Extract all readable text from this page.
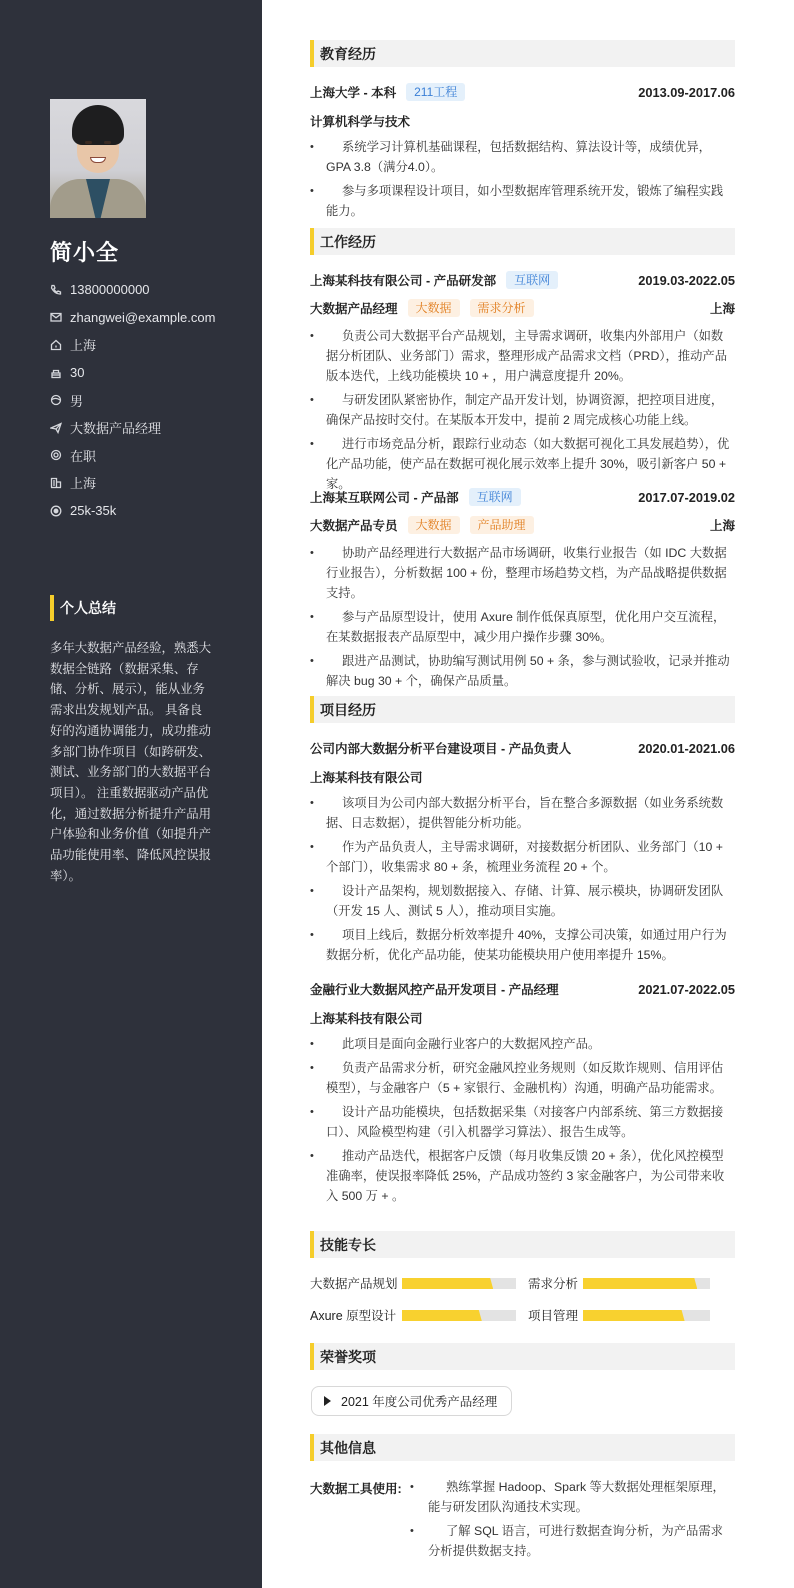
简小全
13800000000
zhangwei@example.com
上海
30
男
大数据产品经理
在职
上海
25k-35k
个人总结

多年大数据产品经验，熟悉大数据全链路（数据采集、存储、分析、展示），能从业务需求出发规划产品。 具备良好的沟通协调能力，成功推动多部门协作项目（如跨研发、测试、业务部门的大数据平台项目）。 注重数据驱动产品优化，通过数据分析提升产品用户体验和业务价值（如提升产品功能使用率、降低风控误报率）。

教育经历
上海大学 - 本科	211工程	2013.09-2017.06
计算机科学与技术
• 系统学习计算机基础课程，包括数据结构、算法设计等，成绩优异，GPA 3.8（满分4.0）。
• 参与多项课程设计项目，如小型数据库管理系统开发，锻炼了编程实践能力。
工作经历
上海某科技有限公司 - 产品研发部	互联网	2019.03-2022.05
大数据产品经理	大数据	需求分析	上海
• 负责公司大数据平台产品规划，主导需求调研，收集内外部用户（如数据分析团队、业务部门）需求，整理形成产品需求文档（PRD），推动产品版本迭代，上线功能模块 10 + ，用户满意度提升 20%。
• 与研发团队紧密协作，制定产品开发计划，协调资源，把控项目进度，确保产品按时交付。在某版本开发中，提前 2 周完成核心功能上线。
• 进行市场竞品分析，跟踪行业动态（如大数据可视化工具发展趋势），优化产品功能，使产品在数据可视化展示效率上提升 30%，吸引新客户 50 + 家。
上海某互联网公司 - 产品部	互联网	2017.07-2019.02
大数据产品专员	大数据	产品助理	上海
• 协助产品经理进行大数据产品市场调研，收集行业报告（如 IDC 大数据行业报告），分析数据 100 + 份，整理市场趋势文档，为产品战略提供数据支持。
• 参与产品原型设计，使用 Axure 制作低保真原型，优化用户交互流程，在某数据报表产品原型中，减少用户操作步骤 30%。
• 跟进产品测试，协助编写测试用例 50 + 条，参与测试验收，记录并推动解决 bug 30 + 个，确保产品质量。
项目经历
公司内部大数据分析平台建设项目 - 产品负责人	2020.01-2021.06
上海某科技有限公司
• 该项目为公司内部大数据分析平台，旨在整合多源数据（如业务系统数据、日志数据），提供智能分析功能。
• 作为产品负责人，主导需求调研，对接数据分析团队、业务部门（10 + 个部门），收集需求 80 + 条，梳理业务流程 20 + 个。
• 设计产品架构，规划数据接入、存储、计算、展示模块，协调研发团队（开发 15 人、测试 5 人），推动项目实施。
• 项目上线后，数据分析效率提升 40%，支撑公司决策，如通过用户行为数据分析，优化产品功能，使某功能模块用户使用率提升 15%。
金融行业大数据风控产品开发项目 - 产品经理	2021.07-2022.05
上海某科技有限公司
• 此项目是面向金融行业客户的大数据风控产品。
• 负责产品需求分析，研究金融风控业务规则（如反欺诈规则、信用评估模型），与金融客户（5 + 家银行、金融机构）沟通，明确产品功能需求。
• 设计产品功能模块，包括数据采集（对接客户内部系统、第三方数据接口）、风险模型构建（引入机器学习算法）、报告生成等。
• 推动产品迭代，根据客户反馈（每月收集反馈 20 + 条），优化风控模型准确率，使误报率降低 25%，产品成功签约 3 家金融客户，为公司带来收入 500 万 + 。
技能专长
大数据产品规划	需求分析
Axure 原型设计	项目管理
荣誉奖项
2021 年度公司优秀产品经理
其他信息
大数据工具使用:	• 熟练掌握 Hadoop、Spark 等大数据处理框架原理，能与研发团队沟通技术实现。
• 了解 SQL 语言，可进行数据查询分析，为产品需求分析提供数据支持。
